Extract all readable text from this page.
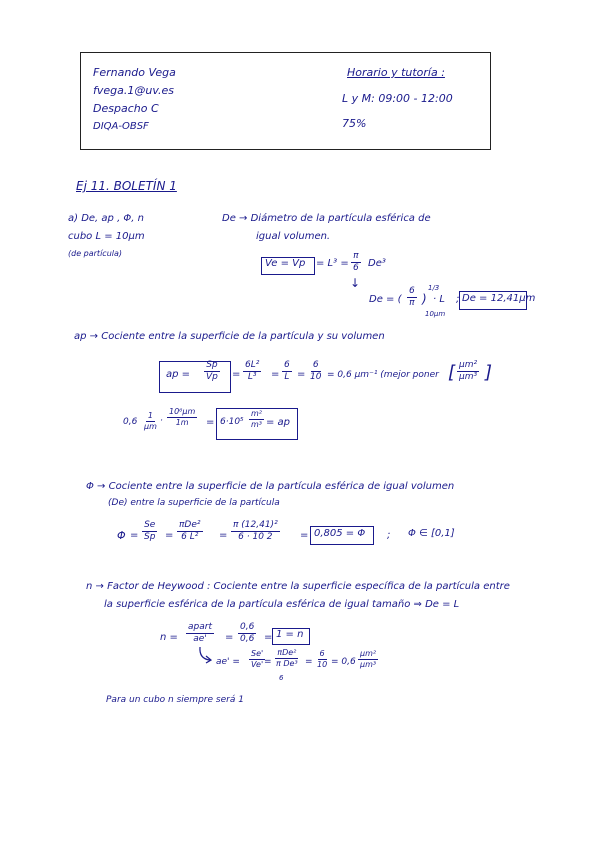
Fernando Vega
fvega.1@uv.es
Despacho C
DIQA-OBSF
Horario y tutoría :
L y M: 09:00 - 12:00
75%
Ej 11. BOLETÍN 1
a) De, ap , Φ, n
cubo L = 10μm
(de partícula)
De → Diámetro de la partícula esférica de
igual volumen.
$Ve = Vp = L^3 = \frac{\pi}{6} De^3$
↓
De = ( $\frac{6}{\pi}$ )
1/3
· L
10μm
; De = 12,41μm
ap → Cociente entre la superficie de la partícula y su volumen
ap = $\frac{Sp}{Vp} = \frac{\text{6L²}}{\text{L³}} = \frac{6}{L} = \frac{6}{10} = 0,6$ μm⁻¹ (mejor poner [ $\frac{\text{μm²}}{\text{μm³}}$ ]
$0,6 \frac{1}{\mu m} \cdot \frac{\text{10⁶μm}}{1m} = 6\cdot 10^5 \frac{\text{m²}}{\text{m³}}$ = ap
Φ → Cociente entre la superficie de la partícula esférica de igual volumen
(De) entre la superficie de la partícula
$\Phi = \frac{Se}{Sp} = \frac{\text{πDe²}}{\text{6 L²}} = \frac{\text{π (12,41)²}}{6 \cdot 10 2} = 0,805 = \Phi$ ; Φ ∈ [0,1]
n → Factor de Heywood : Cociente entre la superficie específica de la partícula entre
la superficie esférica de la partícula esférica de igual tamaño ⇒ De = L
$n = \frac{\text{apart}}{ae'} = \frac{0,6}{0,6} = 1 = n$
$ae' = \frac{Se'}{Ve'}$
= $\frac{\text{πDe²}}{\text{π De³}}$
6
= $\frac{6}{10} = 0,6 \frac{\text{μm²}}{\text{μm³}}$
Para un cubo n siempre será 1
